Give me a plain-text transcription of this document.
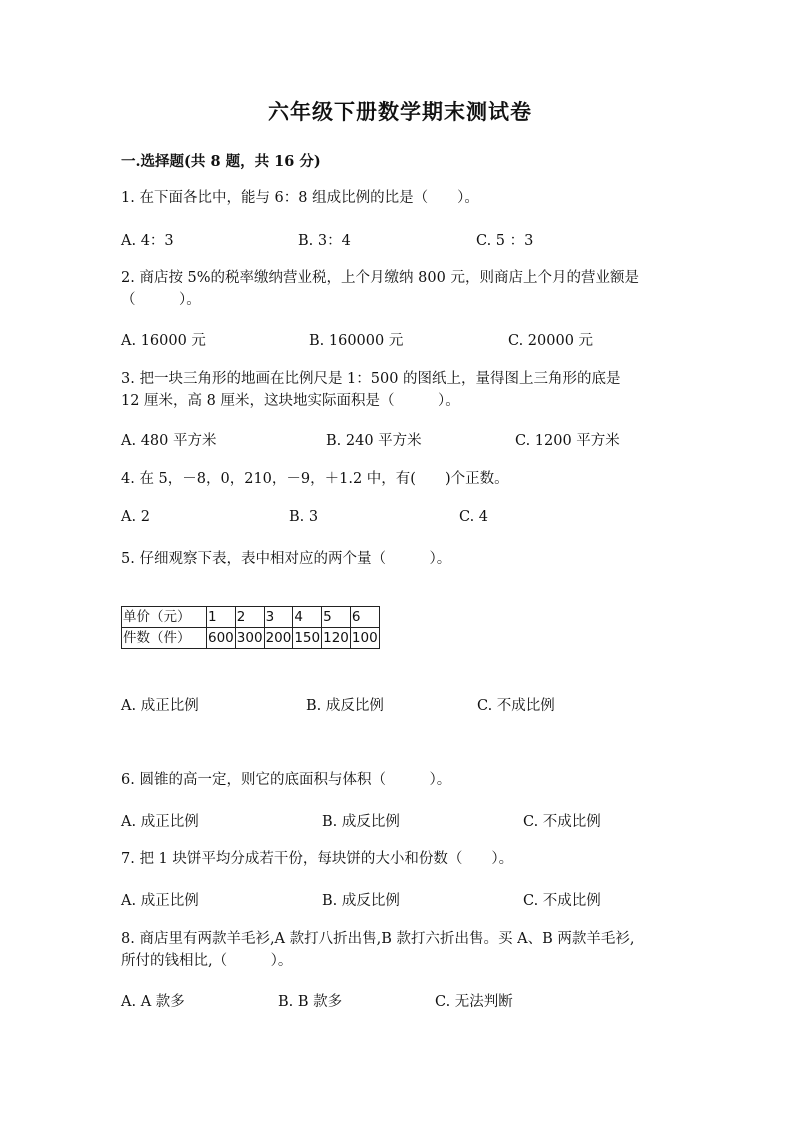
六年级下册数学期末测试卷
一.选择题(共 8 题，共 16 分)
1. 在下面各比中，能与 6：8 组成比例的比是（　　）。
A. 4：3	B. 3：4	C. 5 ：3
2. 商店按 5%的税率缴纳营业税，上个月缴纳 800 元，则商店上个月的营业额是
（　　　）。
A. 16000 元	B. 160000 元	C. 20000 元
3. 把一块三角形的地画在比例尺是 1：500 的图纸上，量得图上三角形的底是
12 厘米，高 8 厘米，这块地实际面积是（　　　）。
A. 480 平方米	B. 240 平方米	C. 1200 平方米
4. 在 5，－8，0，210，－9，＋1.2 中，有(　　)个正数。
A. 2	B. 3	C. 4
5. 仔细观察下表，表中相对应的两个量（　　　）。
单价（元）	1	2	3	4	5	6
件数（件）	600	300	200	150	120	100
A. 成正比例	B. 成反比例	C. 不成比例
6. 圆锥的高一定，则它的底面积与体积（　　　）。
A. 成正比例	B. 成反比例	C. 不成比例
7. 把 1 块饼平均分成若干份，每块饼的大小和份数（　　）。
A. 成正比例	B. 成反比例	C. 不成比例
8. 商店里有两款羊毛衫,A 款打八折出售,B 款打六折出售。买 A、B 两款羊毛衫,
所付的钱相比,（　　　）。
A. A 款多	B. B 款多	C. 无法判断
